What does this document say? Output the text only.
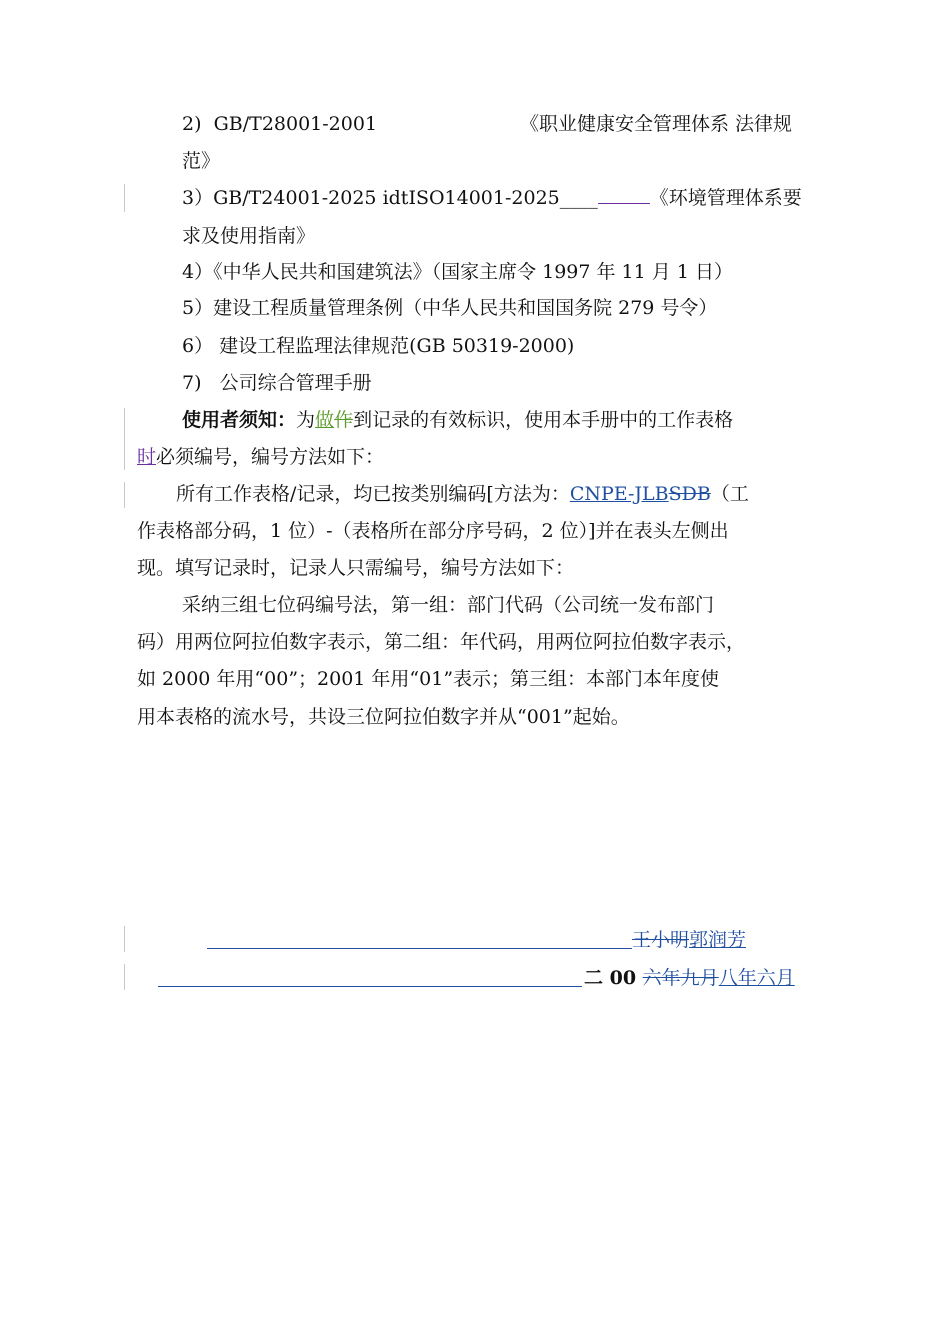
2) GB/T28001-2001	《职业健康安全管理体系 法律规
范》
3）GB/T24001-2025 idtISO14001-2025____	《环境管理体系要
求及使用指南》
4）《中华人民共和国建筑法》（国家主席令 1997 年 11 月 1 日）
5）建设工程质量管理条例（中华人民共和国国务院 279 号令）
6） 建设工程监理法律规范(GB 50319-2000)
7) 公司综合管理手册
使用者须知：为做作到记录的有效标识，使用本手册中的工作表格
时必须编号，编号方法如下：
所有工作表格/记录，均已按类别编码[方法为：CNPE-JLBSDB（工
作表格部分码，1 位）-（表格所在部分序号码，2 位）]并在表头左侧出
现。填写记录时，记录人只需编号，编号方法如下：
采纳三组七位码编号法，第一组：部门代码（公司统一发布部门
码）用两位阿拉伯数字表示，第二组：年代码，用两位阿拉伯数字表示，
如 2000 年用“00”；2001 年用“01”表示；第三组：本部门本年度使
用本表格的流水号，共设三位阿拉伯数字并从“001”起始。
王小明郭润芳
二 00 六年九月八年六月
